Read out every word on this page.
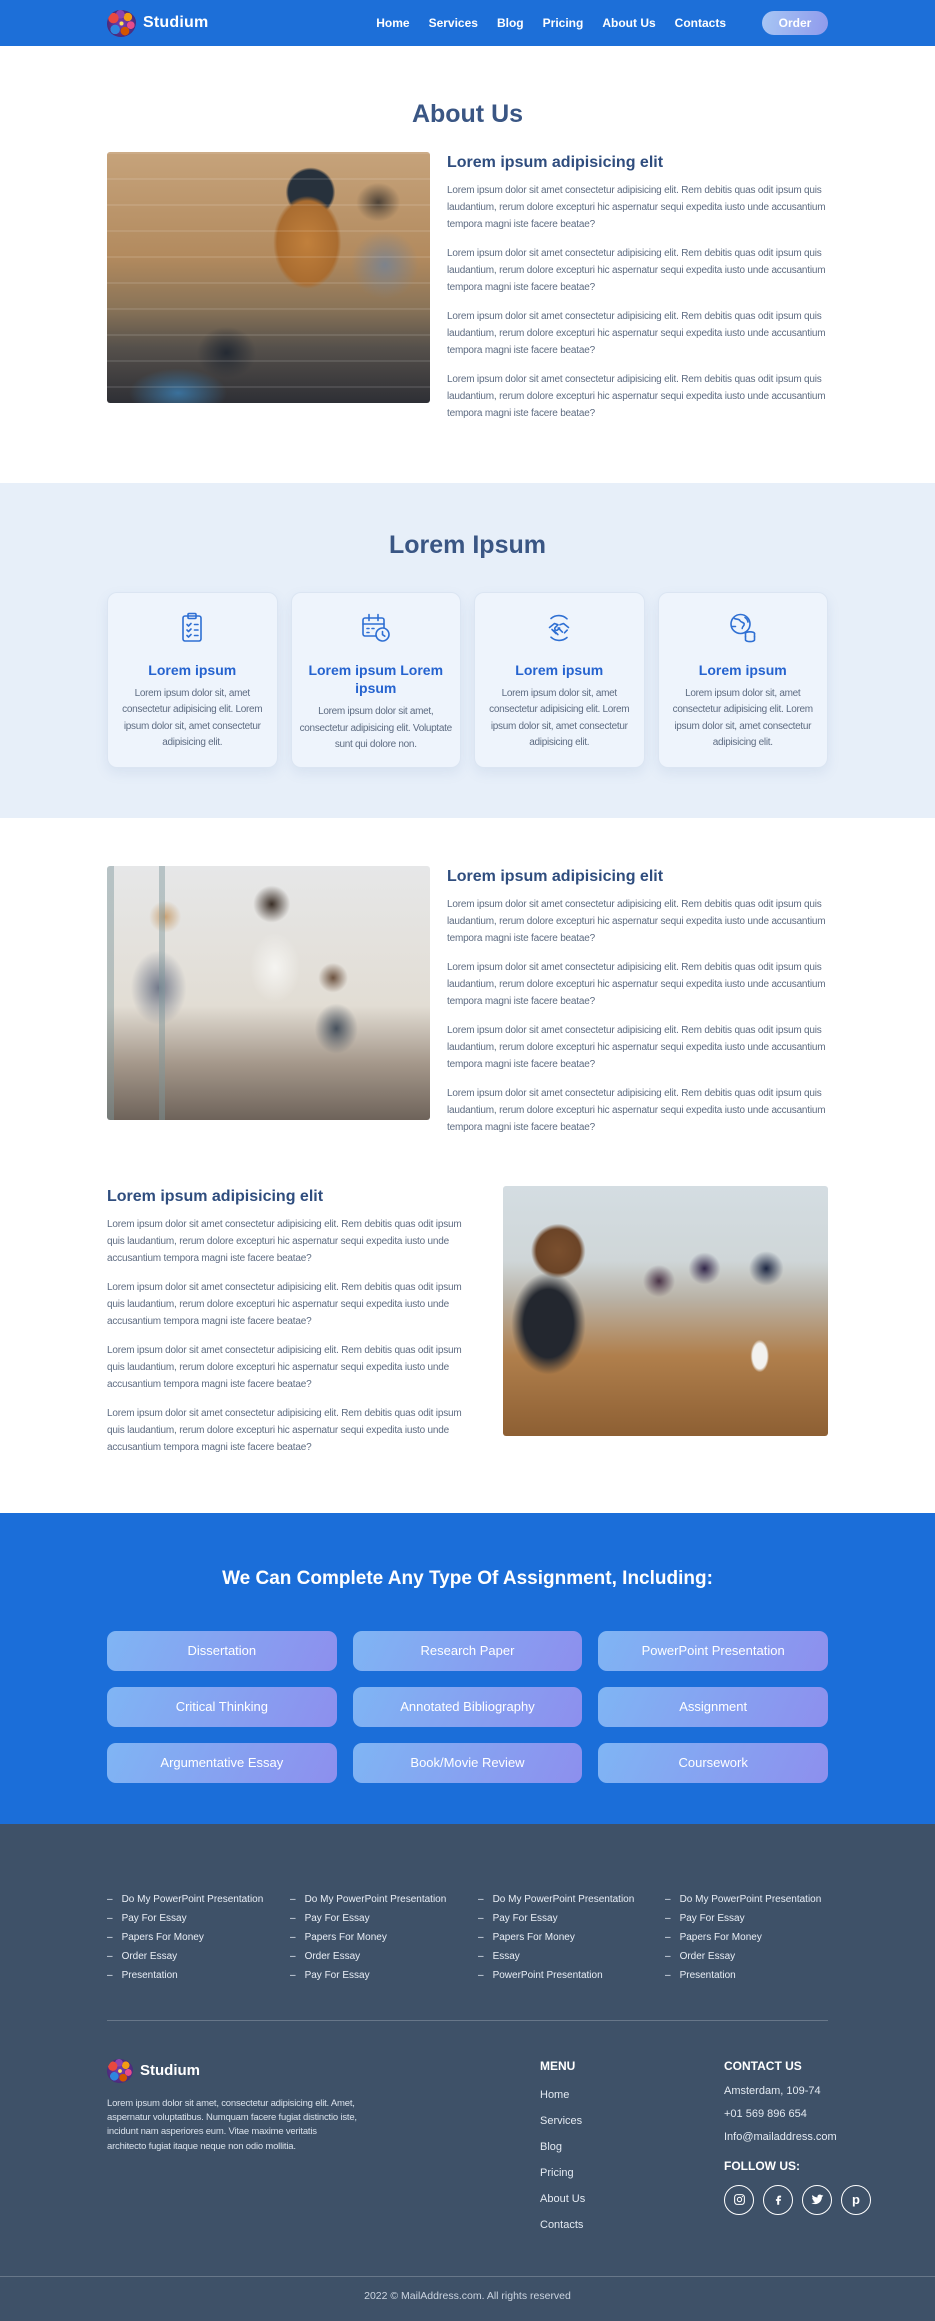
Studium	Home Services Blog Pricing About Us Contacts	Order
About Us
Lorem ipsum adipisicing elit

Lorem ipsum dolor sit amet consectetur adipisicing elit. Rem debitis quas odit ipsum quis laudantium, rerum dolore excepturi hic aspernatur sequi expedita iusto unde accusantium tempora magni iste facere beatae?

Lorem ipsum dolor sit amet consectetur adipisicing elit. Rem debitis quas odit ipsum quis laudantium, rerum dolore excepturi hic aspernatur sequi expedita iusto unde accusantium tempora magni iste facere beatae?

Lorem ipsum dolor sit amet consectetur adipisicing elit. Rem debitis quas odit ipsum quis laudantium, rerum dolore excepturi hic aspernatur sequi expedita iusto unde accusantium tempora magni iste facere beatae?

Lorem ipsum dolor sit amet consectetur adipisicing elit. Rem debitis quas odit ipsum quis laudantium, rerum dolore excepturi hic aspernatur sequi expedita iusto unde accusantium tempora magni iste facere beatae?

Lorem Ipsum
Lorem ipsum

Lorem ipsum dolor sit, amet consectetur adipisicing elit. Lorem ipsum dolor sit, amet consectetur adipisicing elit.

Lorem ipsum Lorem ipsum

Lorem ipsum dolor sit amet, consectetur adipisicing elit. Voluptate sunt qui dolore non.

Lorem ipsum

Lorem ipsum dolor sit, amet consectetur adipisicing elit. Lorem ipsum dolor sit, amet consectetur adipisicing elit.

Lorem ipsum

Lorem ipsum dolor sit, amet consectetur adipisicing elit. Lorem ipsum dolor sit, amet consectetur adipisicing elit.

Lorem ipsum adipisicing elit

Lorem ipsum dolor sit amet consectetur adipisicing elit. Rem debitis quas odit ipsum quis laudantium, rerum dolore excepturi hic aspernatur sequi expedita iusto unde accusantium tempora magni iste facere beatae?

Lorem ipsum dolor sit amet consectetur adipisicing elit. Rem debitis quas odit ipsum quis laudantium, rerum dolore excepturi hic aspernatur sequi expedita iusto unde accusantium tempora magni iste facere beatae?

Lorem ipsum dolor sit amet consectetur adipisicing elit. Rem debitis quas odit ipsum quis laudantium, rerum dolore excepturi hic aspernatur sequi expedita iusto unde accusantium tempora magni iste facere beatae?

Lorem ipsum dolor sit amet consectetur adipisicing elit. Rem debitis quas odit ipsum quis laudantium, rerum dolore excepturi hic aspernatur sequi expedita iusto unde accusantium tempora magni iste facere beatae?

Lorem ipsum adipisicing elit

Lorem ipsum dolor sit amet consectetur adipisicing elit. Rem debitis quas odit ipsum quis laudantium, rerum dolore excepturi hic aspernatur sequi expedita iusto unde accusantium tempora magni iste facere beatae?

Lorem ipsum dolor sit amet consectetur adipisicing elit. Rem debitis quas odit ipsum quis laudantium, rerum dolore excepturi hic aspernatur sequi expedita iusto unde accusantium tempora magni iste facere beatae?

Lorem ipsum dolor sit amet consectetur adipisicing elit. Rem debitis quas odit ipsum quis laudantium, rerum dolore excepturi hic aspernatur sequi expedita iusto unde accusantium tempora magni iste facere beatae?

Lorem ipsum dolor sit amet consectetur adipisicing elit. Rem debitis quas odit ipsum quis laudantium, rerum dolore excepturi hic aspernatur sequi expedita iusto unde accusantium tempora magni iste facere beatae?

We Can Complete Any Type Of Assignment, Including:
Dissertation	Research Paper	PowerPoint Presentation
Critical Thinking	Annotated Bibliography	Assignment
Argumentative Essay	Book/Movie Review	Coursework
– Do My PowerPoint Presentation
– Pay For Essay
– Papers For Money
– Order Essay
– Presentation
– Do My PowerPoint Presentation
– Pay For Essay
– Papers For Money
– Order Essay
– Pay For Essay
– Do My PowerPoint Presentation
– Pay For Essay
– Papers For Money
– Essay
– PowerPoint Presentation
– Do My PowerPoint Presentation
– Pay For Essay
– Papers For Money
– Order Essay
– Presentation
Studium

Lorem ipsum dolor sit amet, consectetur adipisicing elit. Amet, aspernatur voluptatibus. Numquam facere fugiat distinctio iste, incidunt nam asperiores eum. Vitae maxime veritatis architecto fugiat itaque neque non odio mollitia.

MENU
Home
Services
Blog
Pricing
About Us
Contacts
CONTACT US

Amsterdam, 109-74

+01 569 896 654

Info@mailaddress.com

FOLLOW US:
p
2022 © MailAddress.com. All rights reserved
